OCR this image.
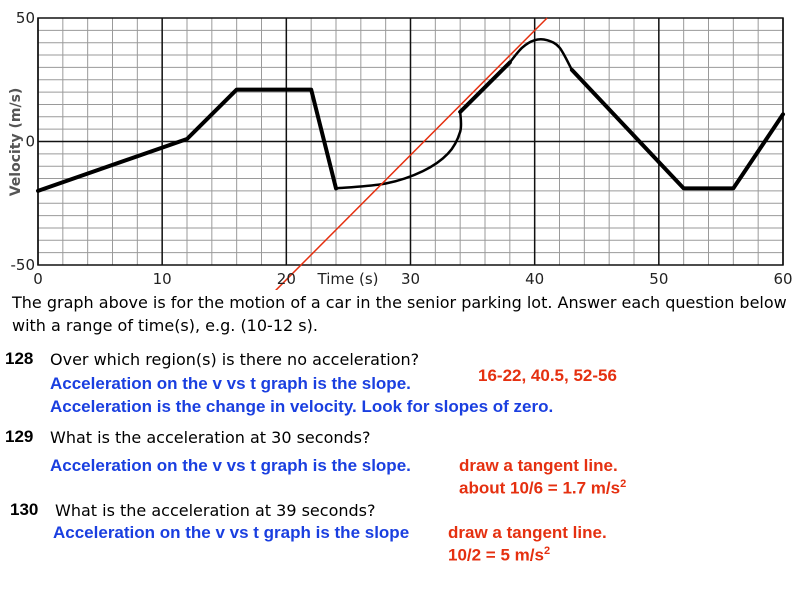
0	10	20	30	40	50	60
50
0
-50
Time (s)
Velocity (m/s)
The graph above is for the motion of a car in the senior parking lot. Answer each question below with a range of time(s), e.g. (10-12 s).
128 Over which region(s) is there no acceleration?
Acceleration on the v vs t graph is the slope.
Acceleration is the change in velocity. Look for slopes of zero.
16-22, 40.5, 52-56
129 What is the acceleration at 30 seconds?
Acceleration on the v vs t graph is the slope.	draw a tangent line.
about 10/6 = 1.7 $m/s^2$
130 What is the acceleration at 39 seconds?
Acceleration on the v vs t graph is the slope draw a tangent line.
10/2 = 5 $m/s^2$
